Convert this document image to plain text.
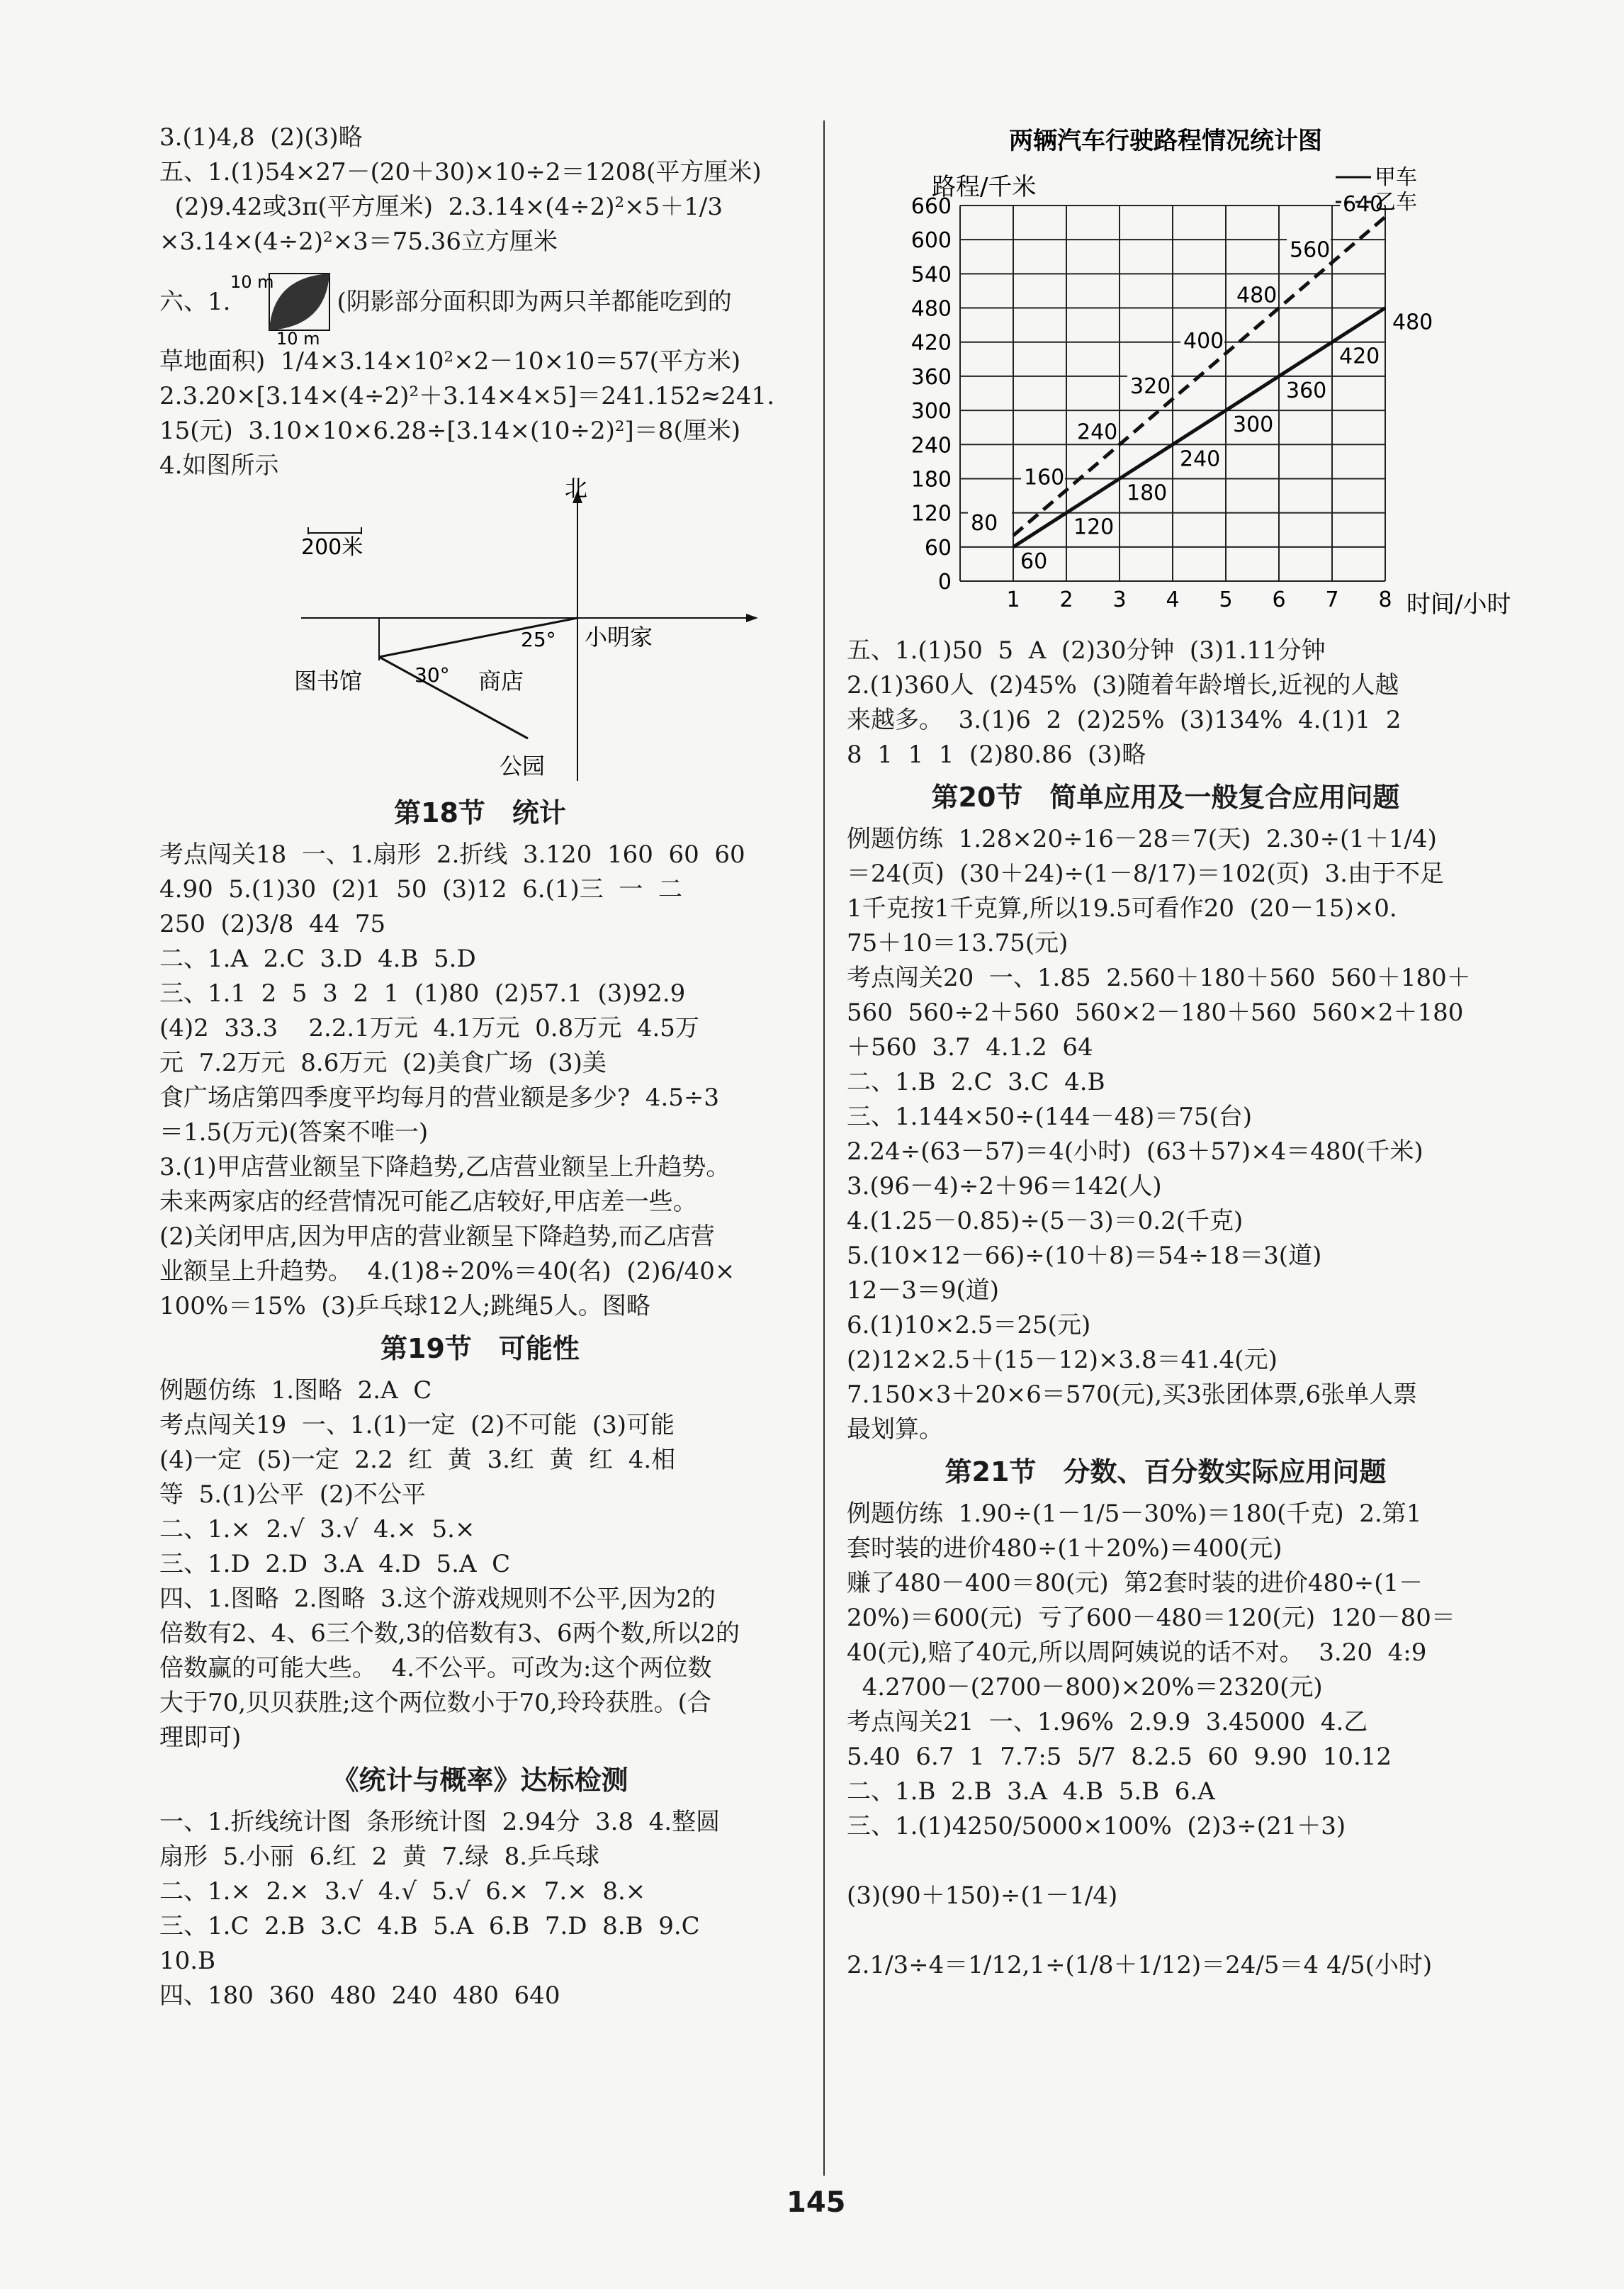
3.(1)4,8  (2)(3)略
五、1.(1)54×27－(20＋30)×10÷2＝1208(平方厘米)
(2)9.42或3π(平方厘米)  2.3.14×(4÷2)²×5＋1/3
×3.14×(4÷2)²×3＝75.36立方厘米
六、1.
10 m
10 m
(阴影部分面积即为两只羊都能吃到的
草地面积)  1/4×3.14×10²×2－10×10＝57(平方米)
2.3.20×[3.14×(4÷2)²＋3.14×4×5]＝241.152≈241.
15(元)  3.10×10×6.28÷[3.14×(10÷2)²]＝8(厘米)
4.如图所示
北
200米
25°
30°
小明家
图书馆	商店
公园
第18节　统计
考点闯关18  一、1.扇形  2.折线  3.120  160  60  60
4.90  5.(1)30  (2)1  50  (3)12  6.(1)三  一  二
250  (2)3/8  44  75
二、1.A  2.C  3.D  4.B  5.D
三、1.1  2  5  3  2  1  (1)80  (2)57.1  (3)92.9
(4)2  33.3    2.2.1万元  4.1万元  0.8万元  4.5万
元  7.2万元  8.6万元  (2)美食广场  (3)美
食广场店第四季度平均每月的营业额是多少?  4.5÷3
＝1.5(万元)(答案不唯一)
3.(1)甲店营业额呈下降趋势,乙店营业额呈上升趋势。
未来两家店的经营情况可能乙店较好,甲店差一些。
(2)关闭甲店,因为甲店的营业额呈下降趋势,而乙店营
业额呈上升趋势。  4.(1)8÷20%＝40(名)  (2)6/40×
100%＝15%  (3)乒乓球12人;跳绳5人。图略
第19节　可能性
例题仿练  1.图略  2.A  C
考点闯关19  一、1.(1)一定  (2)不可能  (3)可能
(4)一定  (5)一定  2.2  红  黄  3.红  黄  红  4.相
等  5.(1)公平  (2)不公平
二、1.×  2.√  3.√  4.×  5.×
三、1.D  2.D  3.A  4.D  5.A  C
四、1.图略  2.图略  3.这个游戏规则不公平,因为2的
倍数有2、4、6三个数,3的倍数有3、6两个数,所以2的
倍数赢的可能大些。  4.不公平。可改为:这个两位数
大于70,贝贝获胜;这个两位数小于70,玲玲获胜。(合
理即可)
《统计与概率》达标检测
一、1.折线统计图  条形统计图  2.94分  3.8  4.整圆
扇形  5.小丽  6.红  2  黄  7.绿  8.乒乓球
二、1.×  2.×  3.√  4.√  5.√  6.×  7.×  8.×
三、1.C  2.B  3.C  4.B  5.A  6.B  7.D  8.B  9.C
10.B
四、180  360  480  240  480  640
两辆汽车行驶路程情况统计图
路程/千米
0
60
120
180
240
300
360
420
480
540
600
660
1 2 3 4 5 6 7 8 时间/小时
60
120
180
240
300
360
420
480
80
160
240
320
400
480
560
640
甲车
乙车
五、1.(1)50  5  A  (2)30分钟  (3)1.11分钟
2.(1)360人  (2)45%  (3)随着年龄增长,近视的人越
来越多。  3.(1)6  2  (2)25%  (3)134%  4.(1)1  2
8  1  1  1  (2)80.86  (3)略
第20节　简单应用及一般复合应用问题
例题仿练  1.28×20÷16－28＝7(天)  2.30÷(1＋1/4)
＝24(页)  (30＋24)÷(1－8/17)＝102(页)  3.由于不足
1千克按1千克算,所以19.5可看作20  (20－15)×0.
75＋10＝13.75(元)
考点闯关20  一、1.85  2.560＋180＋560  560＋180＋
560  560÷2＋560  560×2－180＋560  560×2＋180
＋560  3.7  4.1.2  64
二、1.B  2.C  3.C  4.B
三、1.144×50÷(144－48)＝75(台)
2.24÷(63－57)＝4(小时)  (63＋57)×4＝480(千米)
3.(96－4)÷2＋96＝142(人)
4.(1.25－0.85)÷(5－3)＝0.2(千克)
5.(10×12－66)÷(10＋8)＝54÷18＝3(道)
12－3＝9(道)
6.(1)10×2.5＝25(元)
(2)12×2.5＋(15－12)×3.8＝41.4(元)
7.150×3＋20×6＝570(元),买3张团体票,6张单人票
最划算。
第21节　分数、百分数实际应用问题
例题仿练  1.90÷(1－1/5－30%)＝180(千克)  2.第1
套时装的进价480÷(1＋20%)＝400(元)
赚了480－400＝80(元)  第2套时装的进价480÷(1－
20%)＝600(元)  亏了600－480＝120(元)  120－80＝
40(元),赔了40元,所以周阿姨说的话不对。  3.20  4:9
4.2700－(2700－800)×20%＝2320(元)
考点闯关21  一、1.96%  2.9.9  3.45000  4.乙
5.40  6.7  1  7.7:5  5/7  8.2.5  60  9.90  10.12
二、1.B  2.B  3.A  4.B  5.B  6.A
三、1.(1)4250/5000×100%  (2)3÷(21＋3)

(3)(90＋150)÷(1－1/4)

2.1/3÷4＝1/12,1÷(1/8＋1/12)＝24/5＝4 4/5(小时)
145
